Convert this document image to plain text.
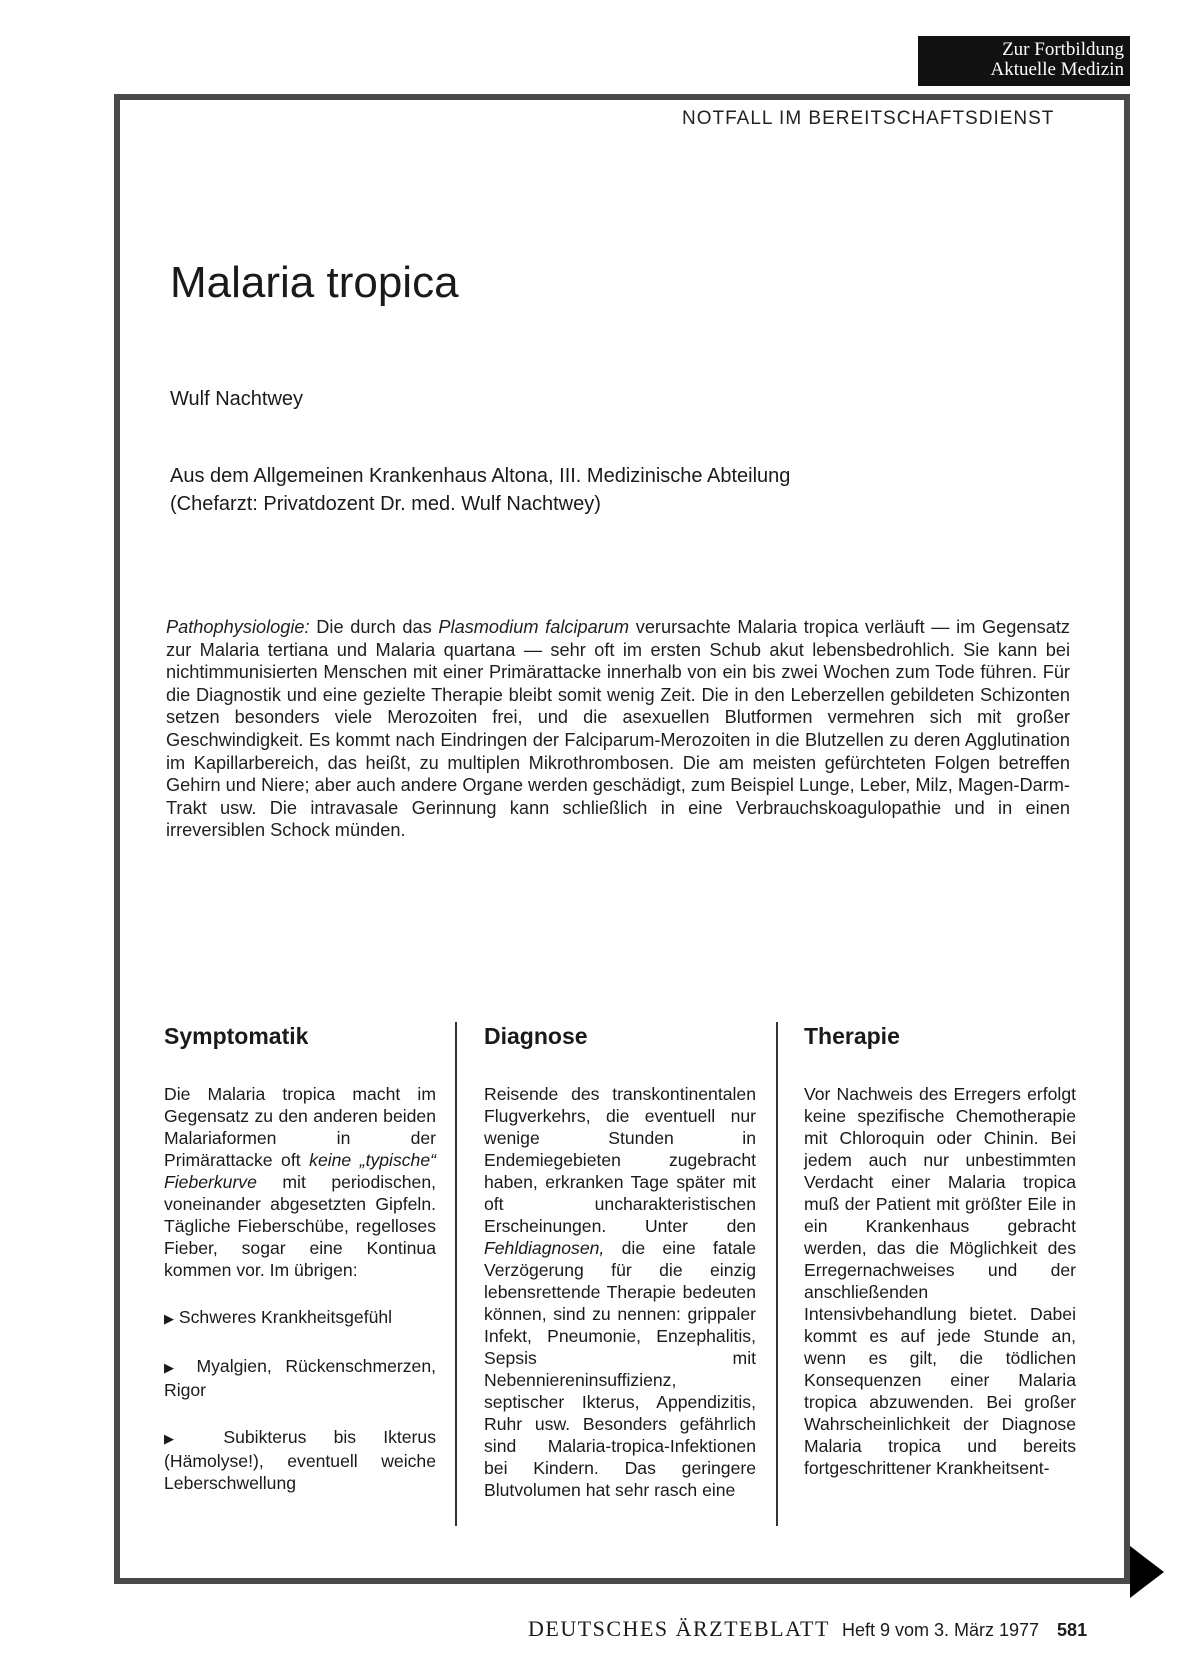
Zur Fortbildung
Aktuelle Medizin
NOTFALL IM BEREITSCHAFTSDIENST
Malaria tropica
Wulf Nachtwey
Aus dem Allgemeinen Krankenhaus Altona, III. Medizinische Abteilung
(Chefarzt: Privatdozent Dr. med. Wulf Nachtwey)

Pathophysiologie: Die durch das Plasmodium falciparum verursachte Malaria tropica verläuft — im Gegensatz zur Malaria tertiana und Malaria quartana — sehr oft im ersten Schub akut lebensbedrohlich. Sie kann bei nichtimmunisierten Menschen mit einer Primärattacke innerhalb von ein bis zwei Wochen zum Tode führen. Für die Diagnostik und eine gezielte Therapie bleibt somit wenig Zeit. Die in den Leberzellen gebildeten Schizonten setzen besonders viele Merozoiten frei, und die asexuellen Blutformen vermehren sich mit großer Geschwindigkeit. Es kommt nach Eindringen der Falciparum-Merozoiten in die Blutzellen zu deren Agglutination im Kapillarbereich, das heißt, zu multiplen Mikrothrombosen. Die am meisten gefürchteten Folgen betreffen Gehirn und Niere; aber auch andere Organe werden geschädigt, zum Beispiel Lunge, Leber, Milz, Magen-Darm-Trakt usw. Die intravasale Gerinnung kann schließlich in eine Verbrauchskoagulopathie und in einen irreversiblen Schock münden.

Symptomatik

Die Malaria tropica macht im Gegensatz zu den anderen beiden Malariaformen in der Primärattacke oft keine „typische“ Fieberkurve mit periodischen, voneinander abgesetzten Gipfeln. Tägliche Fieberschübe, regelloses Fieber, sogar eine Kontinua kommen vor. Im übrigen:

▶ Schweres Krankheitsgefühl

▶ Myalgien, Rückenschmerzen, Rigor

▶ Subikterus bis Ikterus (Hämolyse!), eventuell weiche Leberschwellung

Diagnose

Reisende des transkontinentalen Flugverkehrs, die eventuell nur wenige Stunden in Endemiegebieten zugebracht haben, erkranken Tage später mit oft uncharakteristischen Erscheinungen. Unter den Fehldiagnosen, die eine fatale Verzögerung für die einzig lebensrettende Therapie bedeuten können, sind zu nennen: grippaler Infekt, Pneumonie, Enzephalitis, Sepsis mit Nebenniereninsuffizienz, septischer Ikterus, Appendizitis, Ruhr usw. Besonders gefährlich sind Malaria-tropica-Infektionen bei Kindern. Das geringere Blutvolumen hat sehr rasch eine

Therapie

Vor Nachweis des Erregers erfolgt keine spezifische Chemotherapie mit Chloroquin oder Chinin. Bei jedem auch nur unbestimmten Verdacht einer Malaria tropica muß der Patient mit größter Eile in ein Krankenhaus gebracht werden, das die Möglichkeit des Erregernachweises und der anschließenden Intensivbehandlung bietet. Dabei kommt es auf jede Stunde an, wenn es gilt, die tödlichen Konsequenzen einer Malaria tropica abzuwenden. Bei großer Wahrscheinlichkeit der Diagnose Malaria tropica und bereits fortgeschrittener Krankheitsent-

DEUTSCHES ÄRZTEBLATT Heft 9 vom 3. März 1977 581
